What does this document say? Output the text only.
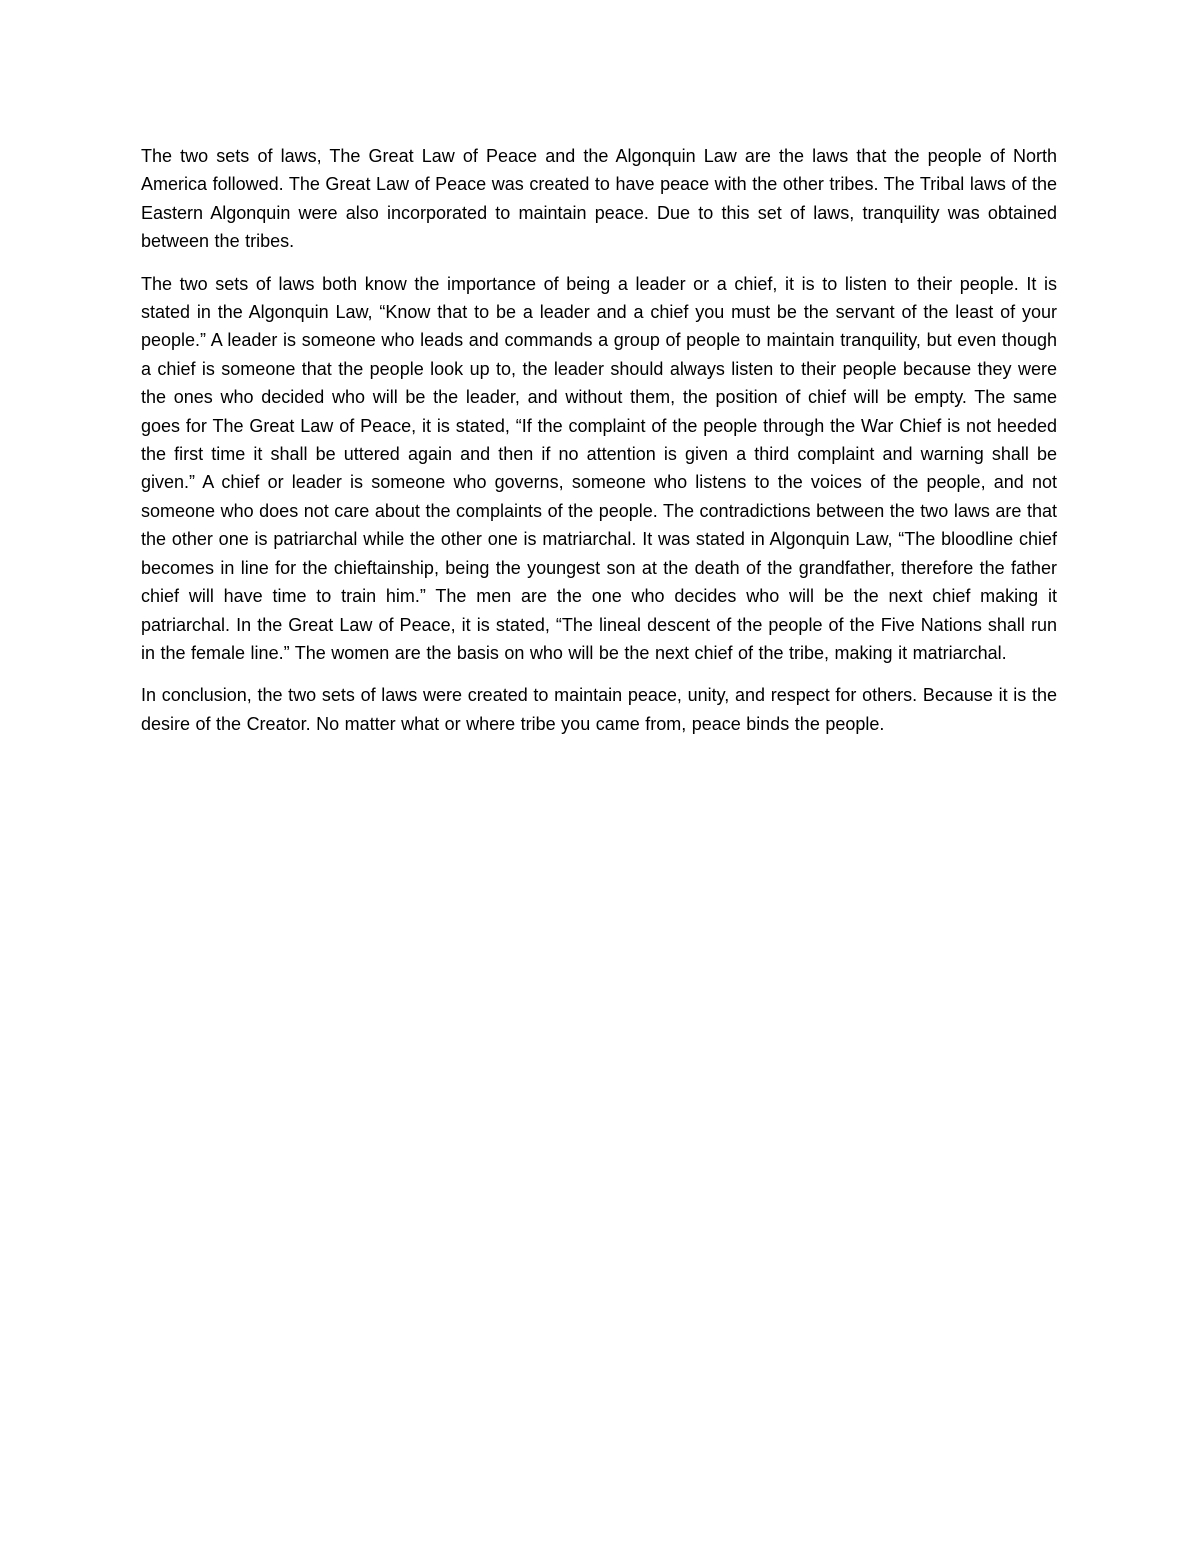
The two sets of laws, The Great Law of Peace and the Algonquin Law are the laws that the people of North America followed. The Great Law of Peace was created to have peace with the other tribes. The Tribal laws of the Eastern Algonquin were also incorporated to maintain peace. Due to this set of laws, tranquility was obtained between the tribes.

The two sets of laws both know the importance of being a leader or a chief, it is to listen to their people. It is stated in the Algonquin Law, “Know that to be a leader and a chief you must be the servant of the least of your people.” A leader is someone who leads and commands a group of people to maintain tranquility, but even though a chief is someone that the people look up to, the leader should always listen to their people because they were the ones who decided who will be the leader, and without them, the position of chief will be empty. The same goes for The Great Law of Peace, it is stated, “If the complaint of the people through the War Chief is not heeded the first time it shall be uttered again and then if no attention is given a third complaint and warning shall be given.” A chief or leader is someone who governs, someone who listens to the voices of the people, and not someone who does not care about the complaints of the people. The contradictions between the two laws are that the other one is patriarchal while the other one is matriarchal. It was stated in Algonquin Law, “The bloodline chief becomes in line for the chieftainship, being the youngest son at the death of the grandfather, therefore the father chief will have time to train him.” The men are the one who decides who will be the next chief making it patriarchal. In the Great Law of Peace, it is stated, “The lineal descent of the people of the Five Nations shall run in the female line.” The women are the basis on who will be the next chief of the tribe, making it matriarchal.

In conclusion, the two sets of laws were created to maintain peace, unity, and respect for others. Because it is the desire of the Creator. No matter what or where tribe you came from, peace binds the people.
